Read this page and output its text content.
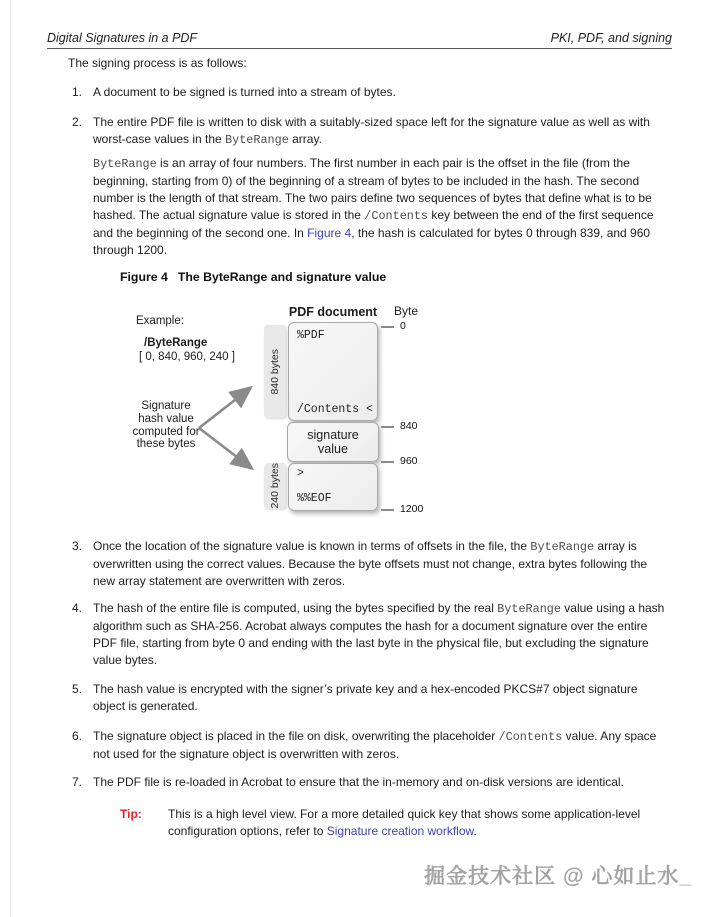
Digital Signatures in a PDF	PKI, PDF, and signing
The signing process is as follows:
1. A document to be signed is turned into a stream of bytes.
2. The entire PDF file is written to disk with a suitably-sized space left for the signature value as well as with worst-case values in the ByteRange array.
ByteRange is an array of four numbers. The first number in each pair is the offset in the file (from the beginning, starting from 0) of the beginning of a stream of bytes to be included in the hash. The second number is the length of that stream. The two pairs define two sequences of bytes that define what is to be hashed. The actual signature value is stored in the /Contents key between the end of the first sequence and the beginning of the second one. In Figure 4, the hash is calculated for bytes 0 through 839, and 960 through 1200.
3. Once the location of the signature value is known in terms of offsets in the file, the ByteRange array is overwritten using the correct values. Because the byte offsets must not change, extra bytes following the new array statement are overwritten with zeros.
4. The hash of the entire file is computed, using the bytes specified by the real ByteRange value using a hash algorithm such as SHA-256. Acrobat always computes the hash for a document signature over the entire PDF file, starting from byte 0 and ending with the last byte in the physical file, but excluding the signature value bytes.
5. The hash value is encrypted with the signer’s private key and a hex-encoded PKCS#7 object signature object is generated.
6. The signature object is placed in the file on disk, overwriting the placeholder /Contents value. Any space not used for the signature object is overwritten with zeros.
7. The PDF file is re-loaded in Acrobat to ensure that the in-memory and on-disk versions are identical.
Figure 4 The ByteRange and signature value
Example:
/ByteRange
[ 0, 840, 960, 240 ]
Signature
hash value
computed for
these bytes
PDF document Byte
840 bytes
240 bytes
%PDF
/Contents <
signature
value
>
%%EOF
0
840
960
1200
Tip: This is a high level view. For a more detailed quick key that shows some application-level configuration options, refer to Signature creation workflow.
掘金技术社区 @ 心如止水_
